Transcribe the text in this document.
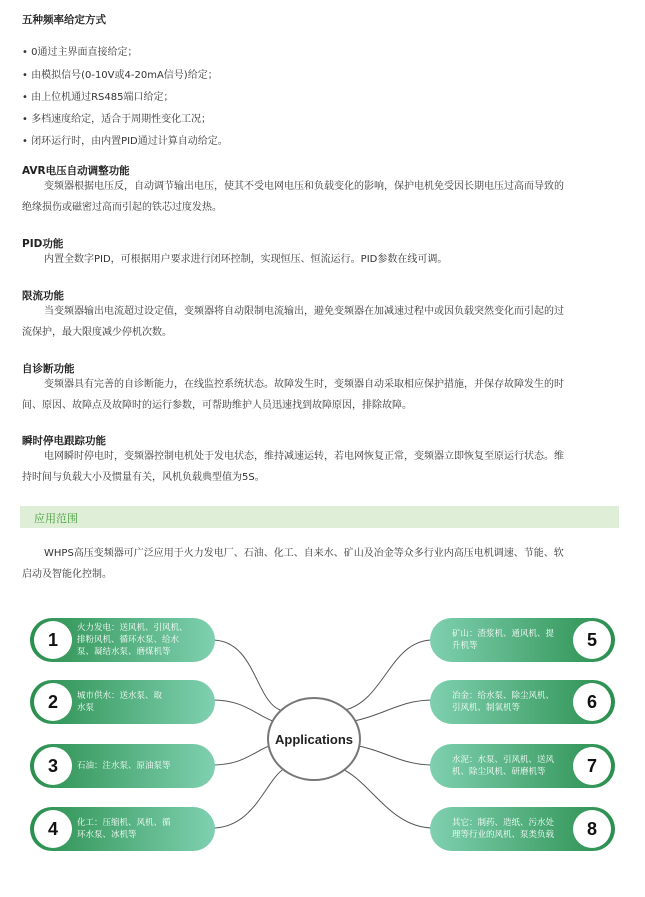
五种频率给定方式
• 0通过主界面直接给定；
• 由模拟信号(0-10V或4-20mA信号)给定；
• 由上位机通过RS485端口给定；
• 多档速度给定，适合于周期性变化工况；
• 闭环运行时，由内置PID通过计算自动给定。
AVR电压自动调整功能
变频器根据电压反，自动调节输出电压，使其不受电网电压和负载变化的影响，保护电机免受因长期电压过高而导致的
绝缘损伤或磁密过高而引起的铁芯过度发热。
PID功能
内置全数字PID，可根据用户要求进行闭环控制，实现恒压、恒流运行。PID参数在线可调。
限流功能
当变频器输出电流超过设定值，变频器将自动限制电流输出，避免变频器在加减速过程中或因负载突然变化而引起的过
流保护，最大限度减少停机次数。
自诊断功能
变频器具有完善的自诊断能力，在线监控系统状态。故障发生时，变频器自动采取相应保护措施，并保存故障发生的时
间、原因、故障点及故障时的运行参数，可帮助维护人员迅速找到故障原因，排除故障。
瞬时停电跟踪功能
电网瞬时停电时，变频器控制电机处于发电状态，维持减速运转，若电网恢复正常，变频器立即恢复至原运行状态。维
持时间与负载大小及惯量有关，风机负载典型值为5S。
应用范围
WHPS高压变频器可广泛应用于火力发电厂、石油、化工、自来水、矿山及冶金等众多行业内高压电机调速、节能、软
启动及智能化控制。
Applications
1
火力发电：送风机、引风机、
排粉风机、循环水泵、给水
泵、凝结水泵、磨煤机等
2	城市供水：送水泵、取
水泵
3	石油：注水泵、原油泵等
4	化工：压缩机、风机、循
环水泵、冰机等
矿山：渣浆机、通风机、提
升机等	5
冶金：给水泵、除尘风机、
引风机、制氧机等	6
水泥：水泵、引风机、送风
机、除尘风机、研磨机等	7
其它：制药、造纸、污水处
理等行业的风机、泵类负载	8
